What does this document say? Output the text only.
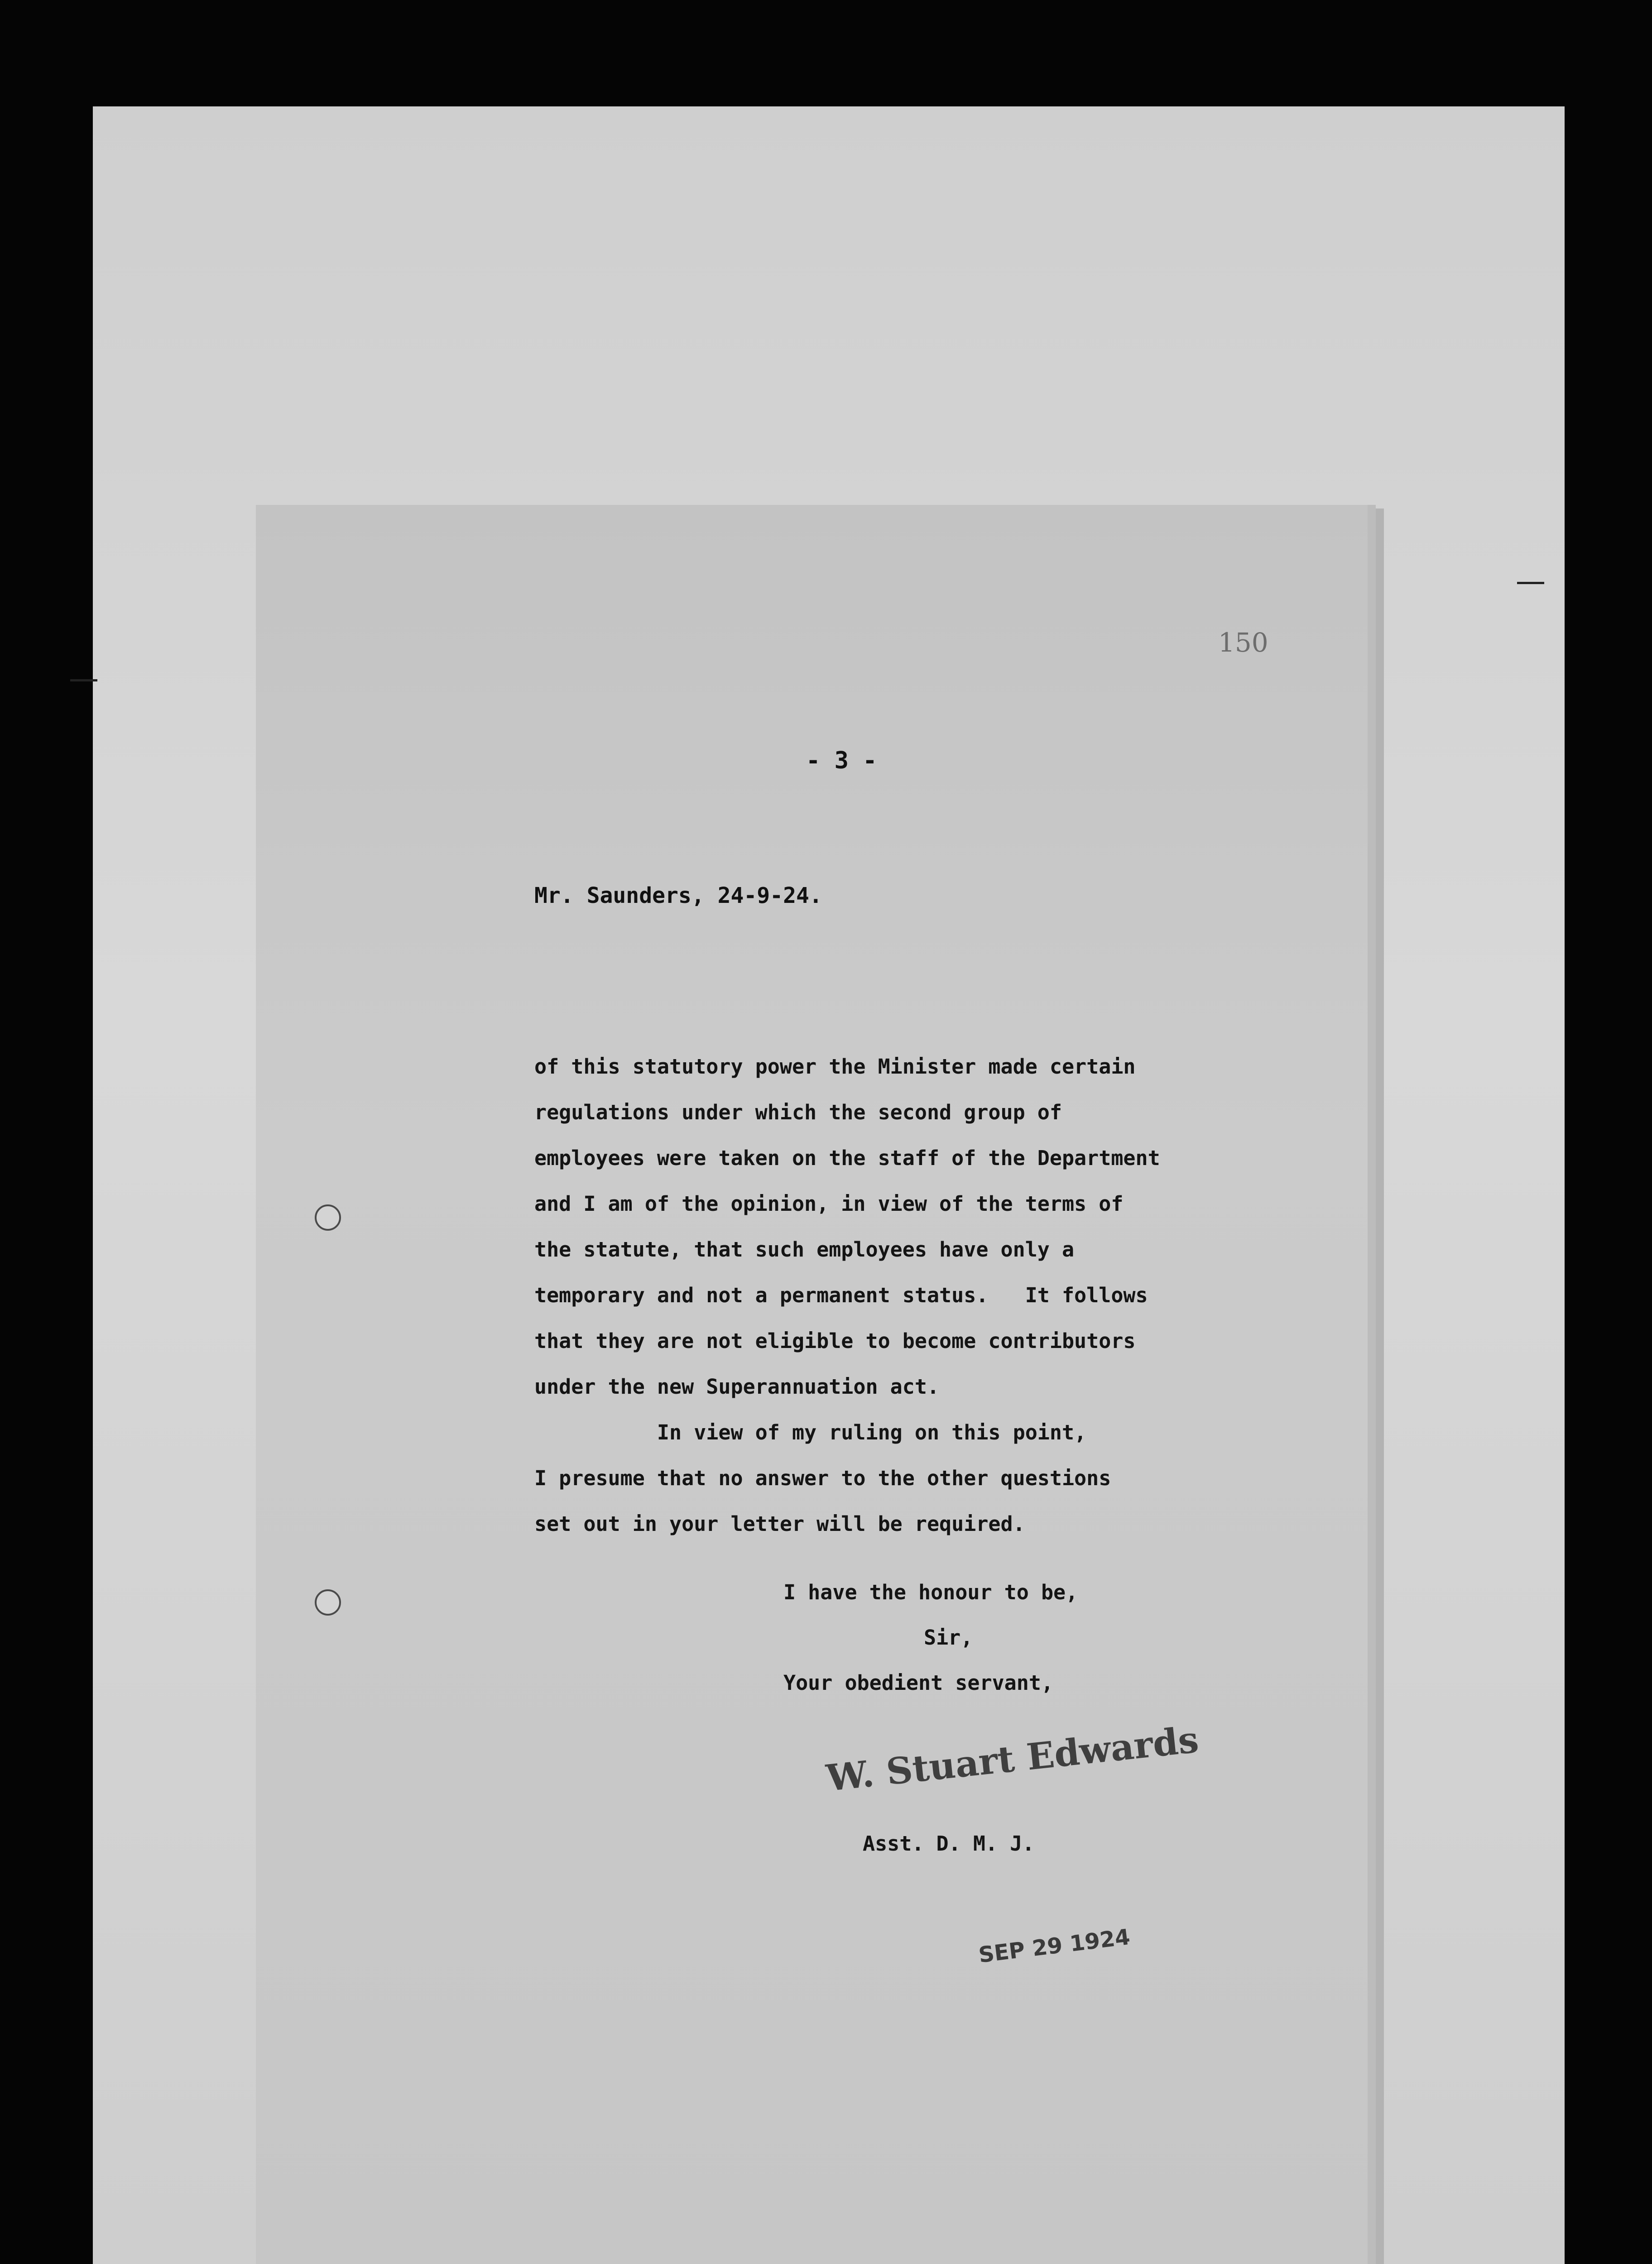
150
- 3 -
Mr. Saunders, 24-9-24.
of this statutory power the Minister made certain
regulations under which the second group of
employees were taken on the staff of the Department
and I am of the opinion, in view of the terms of
the statute, that such employees have only a
temporary and not a permanent status.   It follows
that they are not eligible to become contributors
under the new Superannuation act.
In view of my ruling on this point,
I presume that no answer to the other questions
set out in your letter will be required.
I have the honour to be,
Sir,
Your obedient servant,
W. Stuart Edwards
Asst. D. M. J.
SEP 29 1924
